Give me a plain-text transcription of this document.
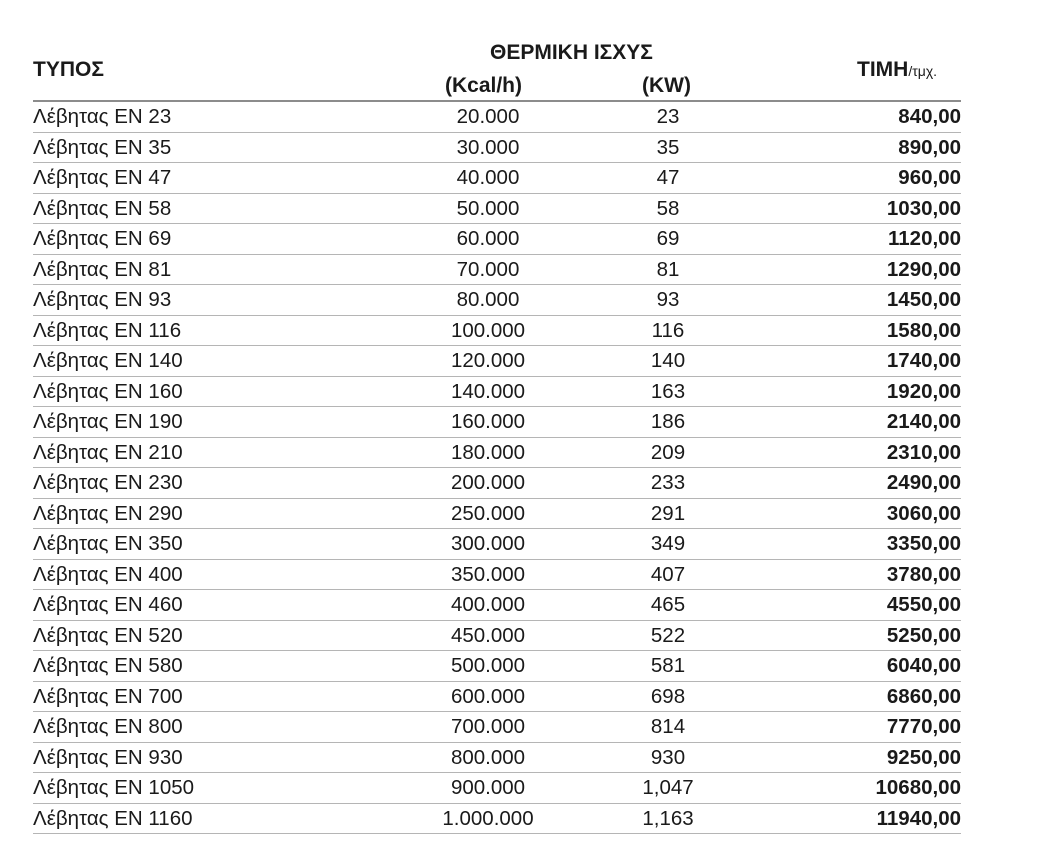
ΤΥΠΟΣ
ΘΕΡΜΙΚΗ ΙΣΧΥΣ
(Kcal/h)	(KW)
ΤΙΜΗ/τμχ.
Λέβητας ΕΝ 23	20.000	23	840,00
Λέβητας ΕΝ 35	30.000	35	890,00
Λέβητας ΕΝ 47	40.000	47	960,00
Λέβητας ΕΝ 58	50.000	58	1030,00
Λέβητας ΕΝ 69	60.000	69	1120,00
Λέβητας ΕΝ 81	70.000	81	1290,00
Λέβητας ΕΝ 93	80.000	93	1450,00
Λέβητας ΕΝ 116	100.000	116	1580,00
Λέβητας ΕΝ 140	120.000	140	1740,00
Λέβητας ΕΝ 160	140.000	163	1920,00
Λέβητας ΕΝ 190	160.000	186	2140,00
Λέβητας ΕΝ 210	180.000	209	2310,00
Λέβητας ΕΝ 230	200.000	233	2490,00
Λέβητας ΕΝ 290	250.000	291	3060,00
Λέβητας ΕΝ 350	300.000	349	3350,00
Λέβητας ΕΝ 400	350.000	407	3780,00
Λέβητας ΕΝ 460	400.000	465	4550,00
Λέβητας ΕΝ 520	450.000	522	5250,00
Λέβητας ΕΝ 580	500.000	581	6040,00
Λέβητας ΕΝ 700	600.000	698	6860,00
Λέβητας ΕΝ 800	700.000	814	7770,00
Λέβητας ΕΝ 930	800.000	930	9250,00
Λέβητας ΕΝ 1050	900.000	1,047	10680,00
Λέβητας ΕΝ 1160	1.000.000	1,163	11940,00
